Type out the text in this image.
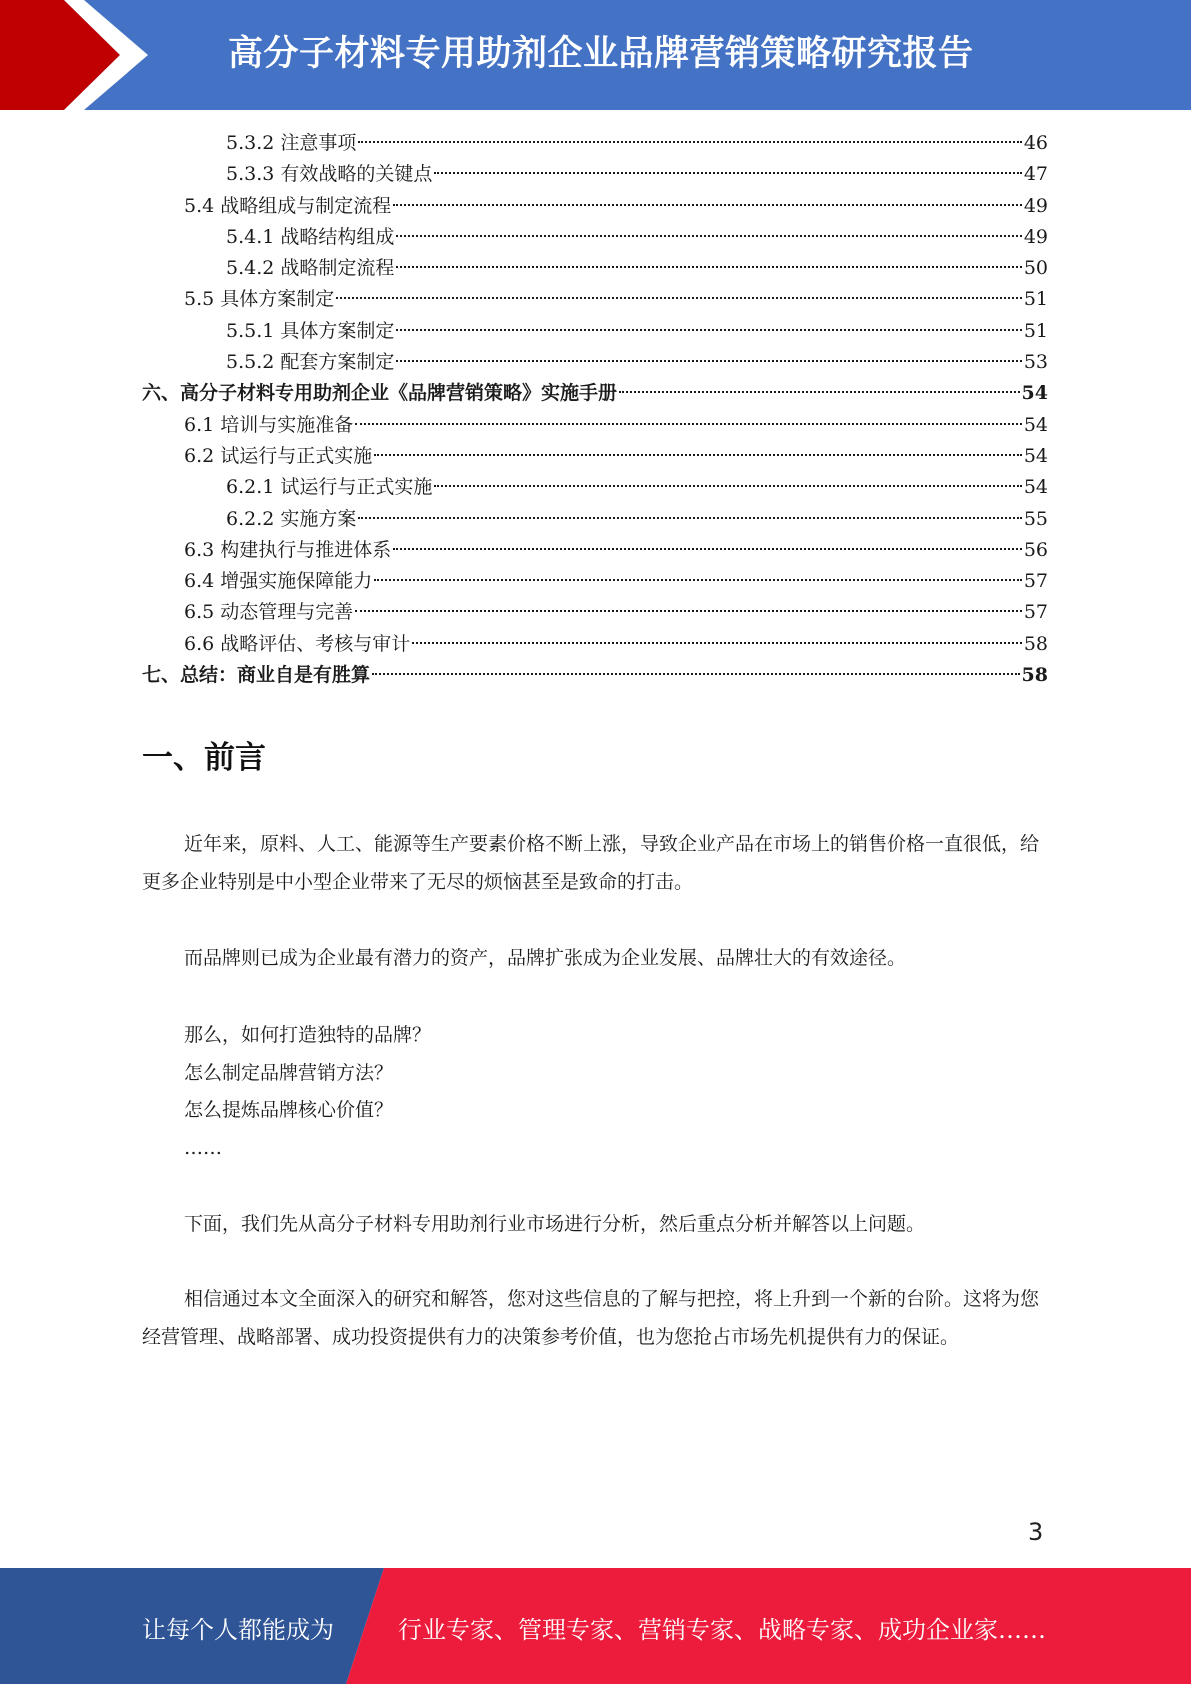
高分子材料专用助剂企业品牌营销策略研究报告
5.3.2 注意事项	46
5.3.3 有效战略的关键点	47
5.4 战略组成与制定流程	49
5.4.1 战略结构组成	49
5.4.2 战略制定流程	50
5.5 具体方案制定	51
5.5.1 具体方案制定	51
5.5.2 配套方案制定	53
六、高分子材料专用助剂企业《品牌营销策略》实施手册	54
6.1 培训与实施准备	54
6.2 试运行与正式实施	54
6.2.1 试运行与正式实施	54
6.2.2 实施方案	55
6.3 构建执行与推进体系	56
6.4 增强实施保障能力	57
6.5 动态管理与完善	57
6.6 战略评估、考核与审计	58
七、总结：商业自是有胜算	58
一、前言

近年来，原料、人工、能源等生产要素价格不断上涨，导致企业产品在市场上的销售价格一直很低，给更多企业特别是中小型企业带来了无尽的烦恼甚至是致命的打击。

而品牌则已成为企业最有潜力的资产，品牌扩张成为企业发展、品牌壮大的有效途径。

那么，如何打造独特的品牌？

怎么制定品牌营销方法？

怎么提炼品牌核心价值？

……

下面，我们先从高分子材料专用助剂行业市场进行分析，然后重点分析并解答以上问题。

相信通过本文全面深入的研究和解答，您对这些信息的了解与把控，将上升到一个新的台阶。这将为您经营管理、战略部署、成功投资提供有力的决策参考价值，也为您抢占市场先机提供有力的保证。

3
让每个人都能成为	行业专家、管理专家、营销专家、战略专家、成功企业家……
